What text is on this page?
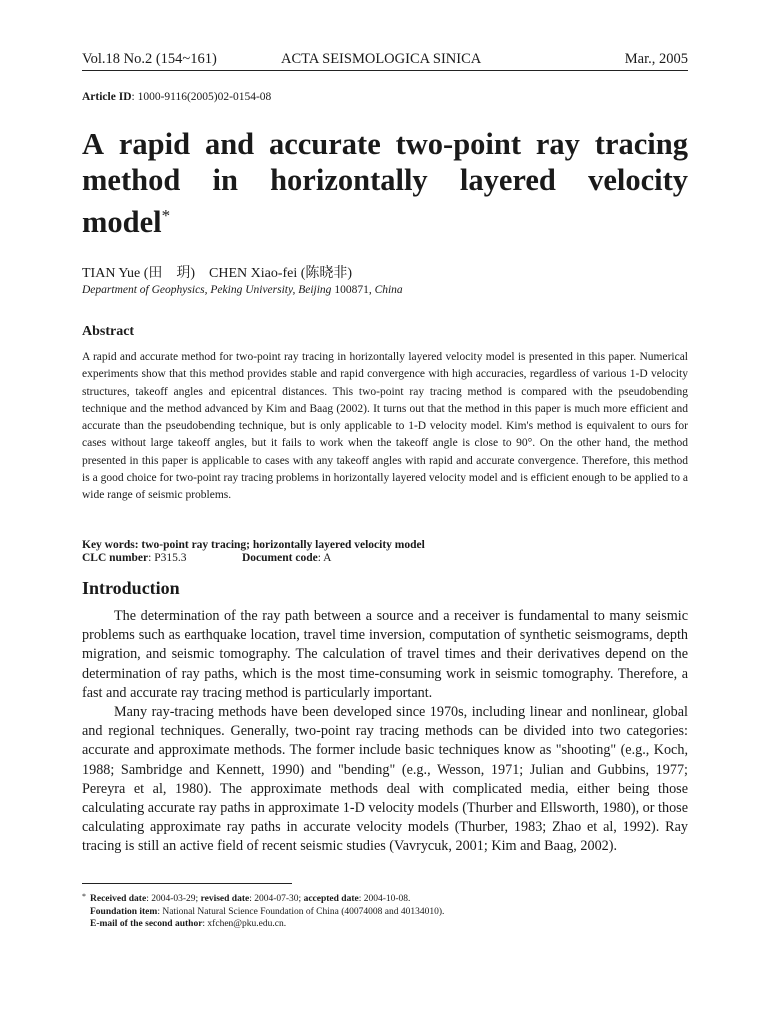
Vol.18 No.2 (154~161)	ACTA SEISMOLOGICA SINICA	Mar., 2005
Article ID: 1000-9116(2005)02-0154-08
A rapid and accurate two-point ray tracing
method in horizontally layered velocity
model*
TIAN Yue (田　玥) CHEN Xiao-fei (陈晓非)
Department of Geophysics, Peking University, Beijing 100871, China
Abstract

A rapid and accurate method for two-point ray tracing in horizontally layered velocity model is presented in this paper. Numerical experiments show that this method provides stable and rapid convergence with high accuracies, regardless of various 1-D velocity structures, takeoff angles and epicentral distances. This two-point ray tracing method is compared with the pseudobending technique and the method advanced by Kim and Baag (2002). It turns out that the method in this paper is much more efficient and accurate than the pseudobending technique, but is only applicable to 1-D velocity model. Kim's method is equivalent to ours for cases without large takeoff angles, but it fails to work when the takeoff angle is close to 90°. On the other hand, the method presented in this paper is applicable to cases with any takeoff angles with rapid and accurate convergence. Therefore, this method is a good choice for two-point ray tracing problems in horizontally layered velocity model and is efficient enough to be applied to a wide range of seismic problems.

Key words: two-point ray tracing; horizontally layered velocity model
CLC number: P315.3	Document code: A
Introduction

The determination of the ray path between a source and a receiver is fundamental to many seismic problems such as earthquake location, travel time inversion, computation of synthetic seismograms, depth migration, and seismic tomography. The calculation of travel times and their derivatives depend on the determination of ray paths, which is the most time-consuming work in seismic tomography. Therefore, a fast and accurate ray tracing method is particularly important.

Many ray-tracing methods have been developed since 1970s, including linear and nonlinear, global and regional techniques. Generally, two-point ray tracing methods can be divided into two categories: accurate and approximate methods. The former include basic techniques know as "shooting" (e.g., Koch, 1988; Sambridge and Kennett, 1990) and "bending" (e.g., Wesson, 1971; Julian and Gubbins, 1977; Pereyra et al, 1980). The approximate methods deal with complicated media, either being those calculating accurate ray paths in approximate 1-D velocity models (Thurber and Ellsworth, 1980), or those calculating approximate ray paths in accurate velocity models (Thurber, 1983; Zhao et al, 1992). Ray tracing is still an active field of recent seismic studies (Vavrycuk, 2001; Kim and Baag, 2002).

* Received date: 2004-03-29; revised date: 2004-07-30; accepted date: 2004-10-08.
Foundation item: National Natural Science Foundation of China (40074008 and 40134010).
E-mail of the second author: xfchen@pku.edu.cn.
